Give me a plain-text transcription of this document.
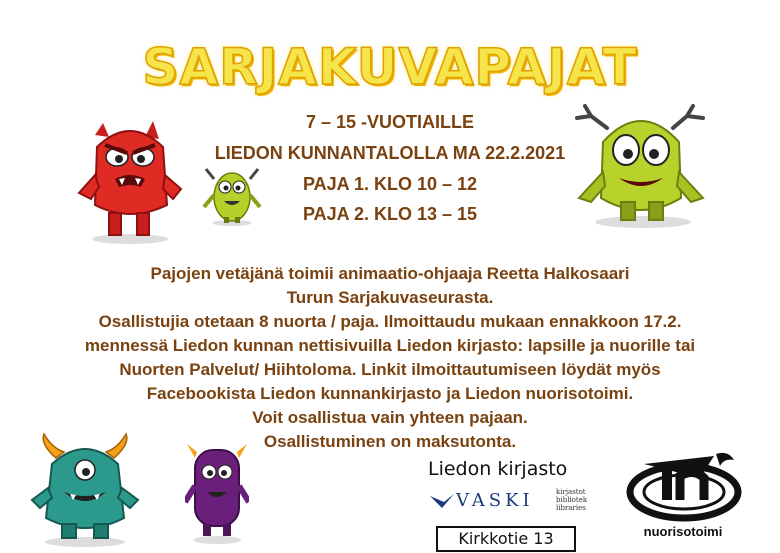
SARJAKUVAPAJAT
7 – 15 -VUOTIAILLE
LIEDON KUNNANTALOLLA MA 22.2.2021
PAJA 1. KLO 10 – 12
PAJA 2. KLO 13 – 15
Pajojen vetäjänä toimii animaatio-ohjaaja Reetta Halkosaari
Turun Sarjakuvaseurasta.
Osallistujia otetaan 8 nuorta / paja. Ilmoittaudu mukaan ennakkoon 17.2.
mennessä Liedon kunnan nettisivuilla Liedon kirjasto: lapsille ja nuorille tai
Nuorten Palvelut/ Hiihtoloma. Linkit ilmoittautumiseen löydät myös
Facebookista Liedon kunnankirjasto ja Liedon nuorisotoimi.
Voit osallistua vain yhteen pajaan.
Osallistuminen on maksutonta.
Liedon kirjasto
VASKI	kirjastot
bibliotek
libraries
Kirkkotie 13	nuorisotoimi
